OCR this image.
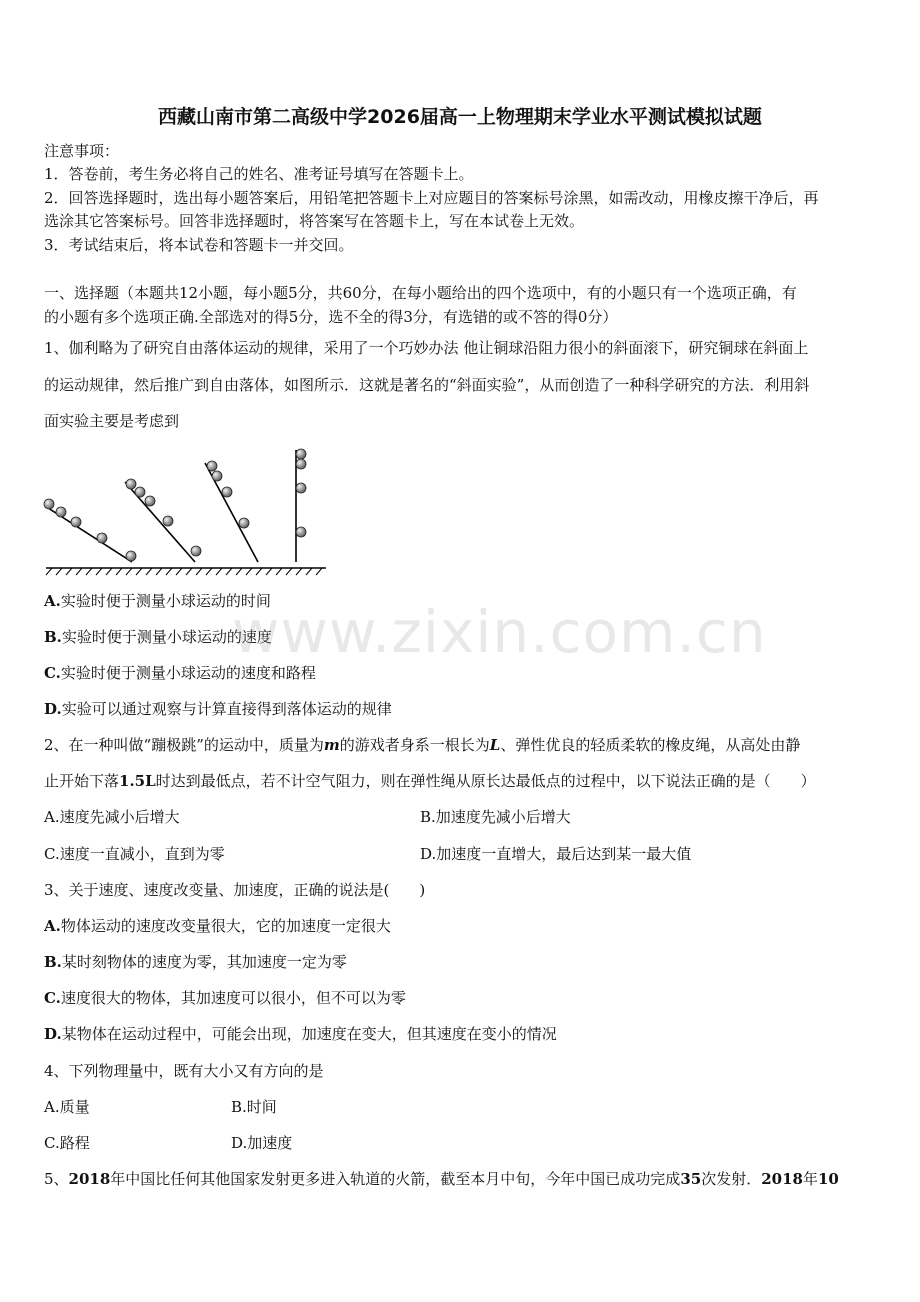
西藏山南市第二高级中学2026届高一上物理期末学业水平测试模拟试题
注意事项：
1．答卷前，考生务必将自己的姓名、准考证号填写在答题卡上。
2．回答选择题时，选出每小题答案后，用铅笔把答题卡上对应题目的答案标号涂黑，如需改动，用橡皮擦干净后，再
选涂其它答案标号。回答非选择题时，将答案写在答题卡上，写在本试卷上无效。
3．考试结束后，将本试卷和答题卡一并交回。
一、选择题（本题共12小题，每小题5分，共60分，在每小题给出的四个选项中，有的小题只有一个选项正确，有
的小题有多个选项正确.全部选对的得5分，选不全的得3分，有选错的或不答的得0分）
1、伽利略为了研究自由落体运动的规律，采用了一个巧妙办法 他让铜球沿阻力很小的斜面滚下，研究铜球在斜面上
的运动规律，然后推广到自由落体，如图所示．这就是著名的“斜面实验”，从而创造了一种科学研究的方法．利用斜
面实验主要是考虑到
A.实验时便于测量小球运动的时间
B.实验时便于测量小球运动的速度
C.实验时便于测量小球运动的速度和路程
D.实验可以通过观察与计算直接得到落体运动的规律
2、在一种叫做“蹦极跳”的运动中，质量为m的游戏者身系一根长为L、弹性优良的轻质柔软的橡皮绳，从高处由静
止开始下落1.5L时达到最低点，若不计空气阻力，则在弹性绳从原长达最低点的过程中，以下说法正确的是（　　）
A.速度先减小后增大	B.加速度先减小后增大
C.速度一直减小，直到为零	D.加速度一直增大，最后达到某一最大值
3、关于速度、速度改变量、加速度，正确的说法是(　　)
A.物体运动的速度改变量很大，它的加速度一定很大
B.某时刻物体的速度为零，其加速度一定为零
C.速度很大的物体，其加速度可以很小，但不可以为零
D.某物体在运动过程中，可能会出现，加速度在变大，但其速度在变小的情况
4、下列物理量中，既有大小又有方向的是
A.质量	B.时间
C.路程	D.加速度
5、2018年中国比任何其他国家发射更多进入轨道的火箭，截至本月中旬，今年中国已成功完成35次发射．2018年10
www.zixin.com.cn
